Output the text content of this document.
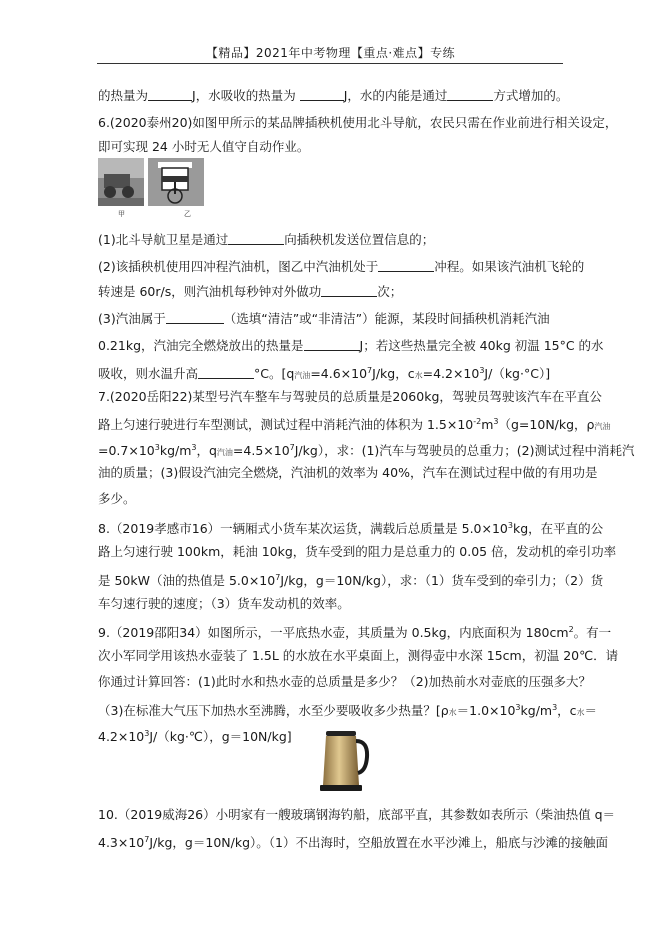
【精品】2021年中考物理【重点·难点】专练
的热量为	J，水吸收的热量为	J，水的内能是通过	方式增加的。
6.(2020泰州20)如图甲所示的某品牌插秧机使用北斗导航，农民只需在作业前进行相关设定，
即可实现 24 小时无人值守自动作业。
甲	乙
(1)北斗导航卫星是通过	向插秧机发送位置信息的；
(2)该插秧机使用四冲程汽油机，图乙中汽油机处于	冲程。如果该汽油机飞轮的
转速是 60r/s，则汽油机每秒钟对外做功	次；
(3)汽油属于	（选填“清洁”或“非清洁”）能源，某段时间插秧机消耗汽油
0.21kg，汽油完全燃烧放出的热量是	J；若这些热量完全被 40kg 初温 15°C 的水
吸收，则水温升高	°C。[q汽油$=4.6\times 10^7J/kg$，c水$=4.2\times 10^3J/(kg\cdot^\circ C)$]
7.(2020岳阳22)某型号汽车整车与驾驶员的总质量是2060kg，驾驶员驾驶该汽车在平直公
路上匀速行驶进行车型测试，测试过程中消耗汽油的体积为 $1.5\times 10^{-2}m^3(g=10N/kg$，ρ汽油
$=0.7\times 10^3kg/m^3$，q汽油$=4.5\times 10^7J/kg$），求：(1)汽车与驾驶员的总重力；(2)测试过程中消耗汽
油的质量；(3)假设汽油完全燃烧，汽油机的效率为 40%，汽车在测试过程中做的有用功是
多少。
8.（2019孝感市16）一辆厢式小货车某次运货，满载后总质量是 $5.0\times 10^3kg$，在平直的公
路上匀速行驶 100km，耗油 10kg，货车受到的阻力是总重力的 0.05 倍，发动机的牵引功率
是 50kW（油的热值是 $5.0\times 10^7J/kg$，g＝10N/kg），求：（1）货车受到的牵引力；（2）货
车匀速行驶的速度；（3）货车发动机的效率。
9.（2019邵阳34）如图所示，一平底热水壶，其质量为 0.5kg，内底面积为 $180cm^2$。有一
次小军同学用该热水壶装了 1.5L 的水放在水平桌面上，测得壶中水深 15cm，初温 20℃．请
你通过计算回答：(1)此时水和热水壶的总质量是多少？（2)加热前水对壶底的压强多大？
（3)在标准大气压下加热水至沸腾，水至少要吸收多少热量？[ρ水$=1.0\times 10^3kg/m^3$，c水＝
$4.2\times 10^3J/(kg\cdot℃)$，g＝10N/kg]
10.（2019威海26）小明家有一艘玻璃钢海钓船，底部平直，其参数如表所示（柴油热值 q＝
$4.3\times 10^7J/kg$，g＝10N/kg）。（1）不出海时，空船放置在水平沙滩上，船底与沙滩的接触面
